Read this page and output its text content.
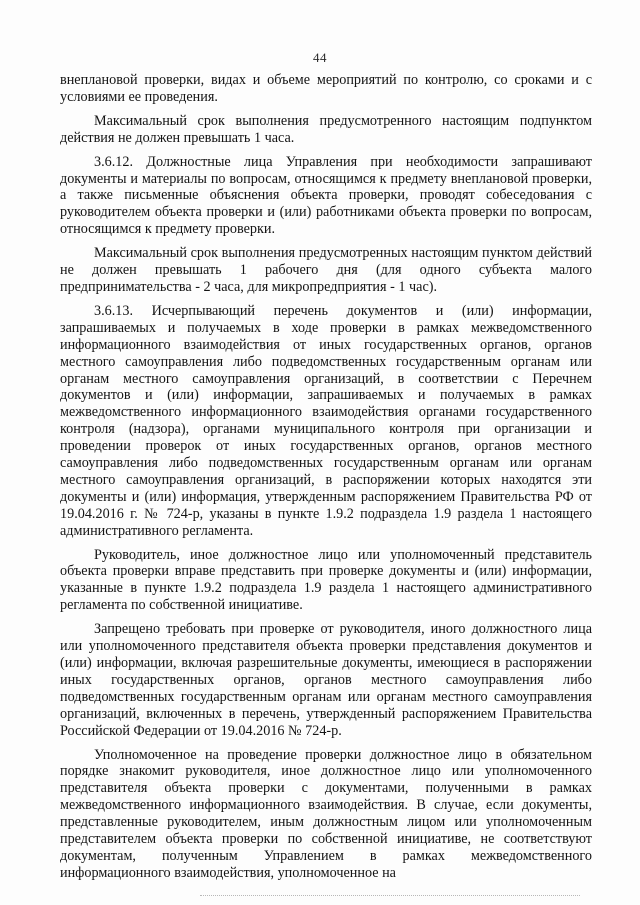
44

внеплановой проверки, видах и объеме мероприятий по контролю, со сроками и с условиями ее проведения.

Максимальный срок выполнения предусмотренного настоящим подпунктом действия не должен превышать 1 часа.

3.6.12. Должностные лица Управления при необходимости запрашивают документы и материалы по вопросам, относящимся к предмету внеплановой проверки, а также письменные объяснения объекта проверки, проводят собеседования с руководителем объекта проверки и (или) работниками объекта проверки по вопросам, относящимся к предмету проверки.

Максимальный срок выполнения предусмотренных настоящим пунктом действий не должен превышать 1 рабочего дня (для одного субъекта малого предпринимательства - 2 часа, для микропредприятия - 1 час).

3.6.13. Исчерпывающий перечень документов и (или) информации, запрашиваемых и получаемых в ходе проверки в рамках межведомственного информационного взаимодействия от иных государственных органов, органов местного самоуправления либо подведомственных государственным органам или органам местного самоуправления организаций, в соответствии с Перечнем документов и (или) информации, запрашиваемых и получаемых в рамках межведомственного информационного взаимодействия органами государственного контроля (надзора), органами муниципального контроля при организации и проведении проверок от иных государственных органов, органов местного самоуправления либо подведомственных государственным органам или органам местного самоуправления организаций, в распоряжении которых находятся эти документы и (или) информация, утвержденным распоряжением Правительства РФ от 19.04.2016 г. № 724-р, указаны в пункте 1.9.2 подраздела 1.9 раздела 1 настоящего административного регламента.

Руководитель, иное должностное лицо или уполномоченный представитель объекта проверки вправе представить при проверке документы и (или) информации, указанные в пункте 1.9.2 подраздела 1.9 раздела 1 настоящего административного регламента по собственной инициативе.

Запрещено требовать при проверке от руководителя, иного должностного лица или уполномоченного представителя объекта проверки представления документов и (или) информации, включая разрешительные документы, имеющиеся в распоряжении иных государственных органов, органов местного самоуправления либо подведомственных государственным органам или органам местного самоуправления организаций, включенных в перечень, утвержденный распоряжением Правительства Российской Федерации от 19.04.2016 № 724-р.

Уполномоченное на проведение проверки должностное лицо в обязательном порядке знакомит руководителя, иное должностное лицо или уполномоченного представителя объекта проверки с документами, полученными в рамках межведомственного информационного взаимодействия. В случае, если документы, представленные руководителем, иным должностным лицом или уполномоченным представителем объекта проверки по собственной инициативе, не соответствуют документам, полученным Управлением в рамках межведомственного информационного взаимодействия, уполномоченное на
